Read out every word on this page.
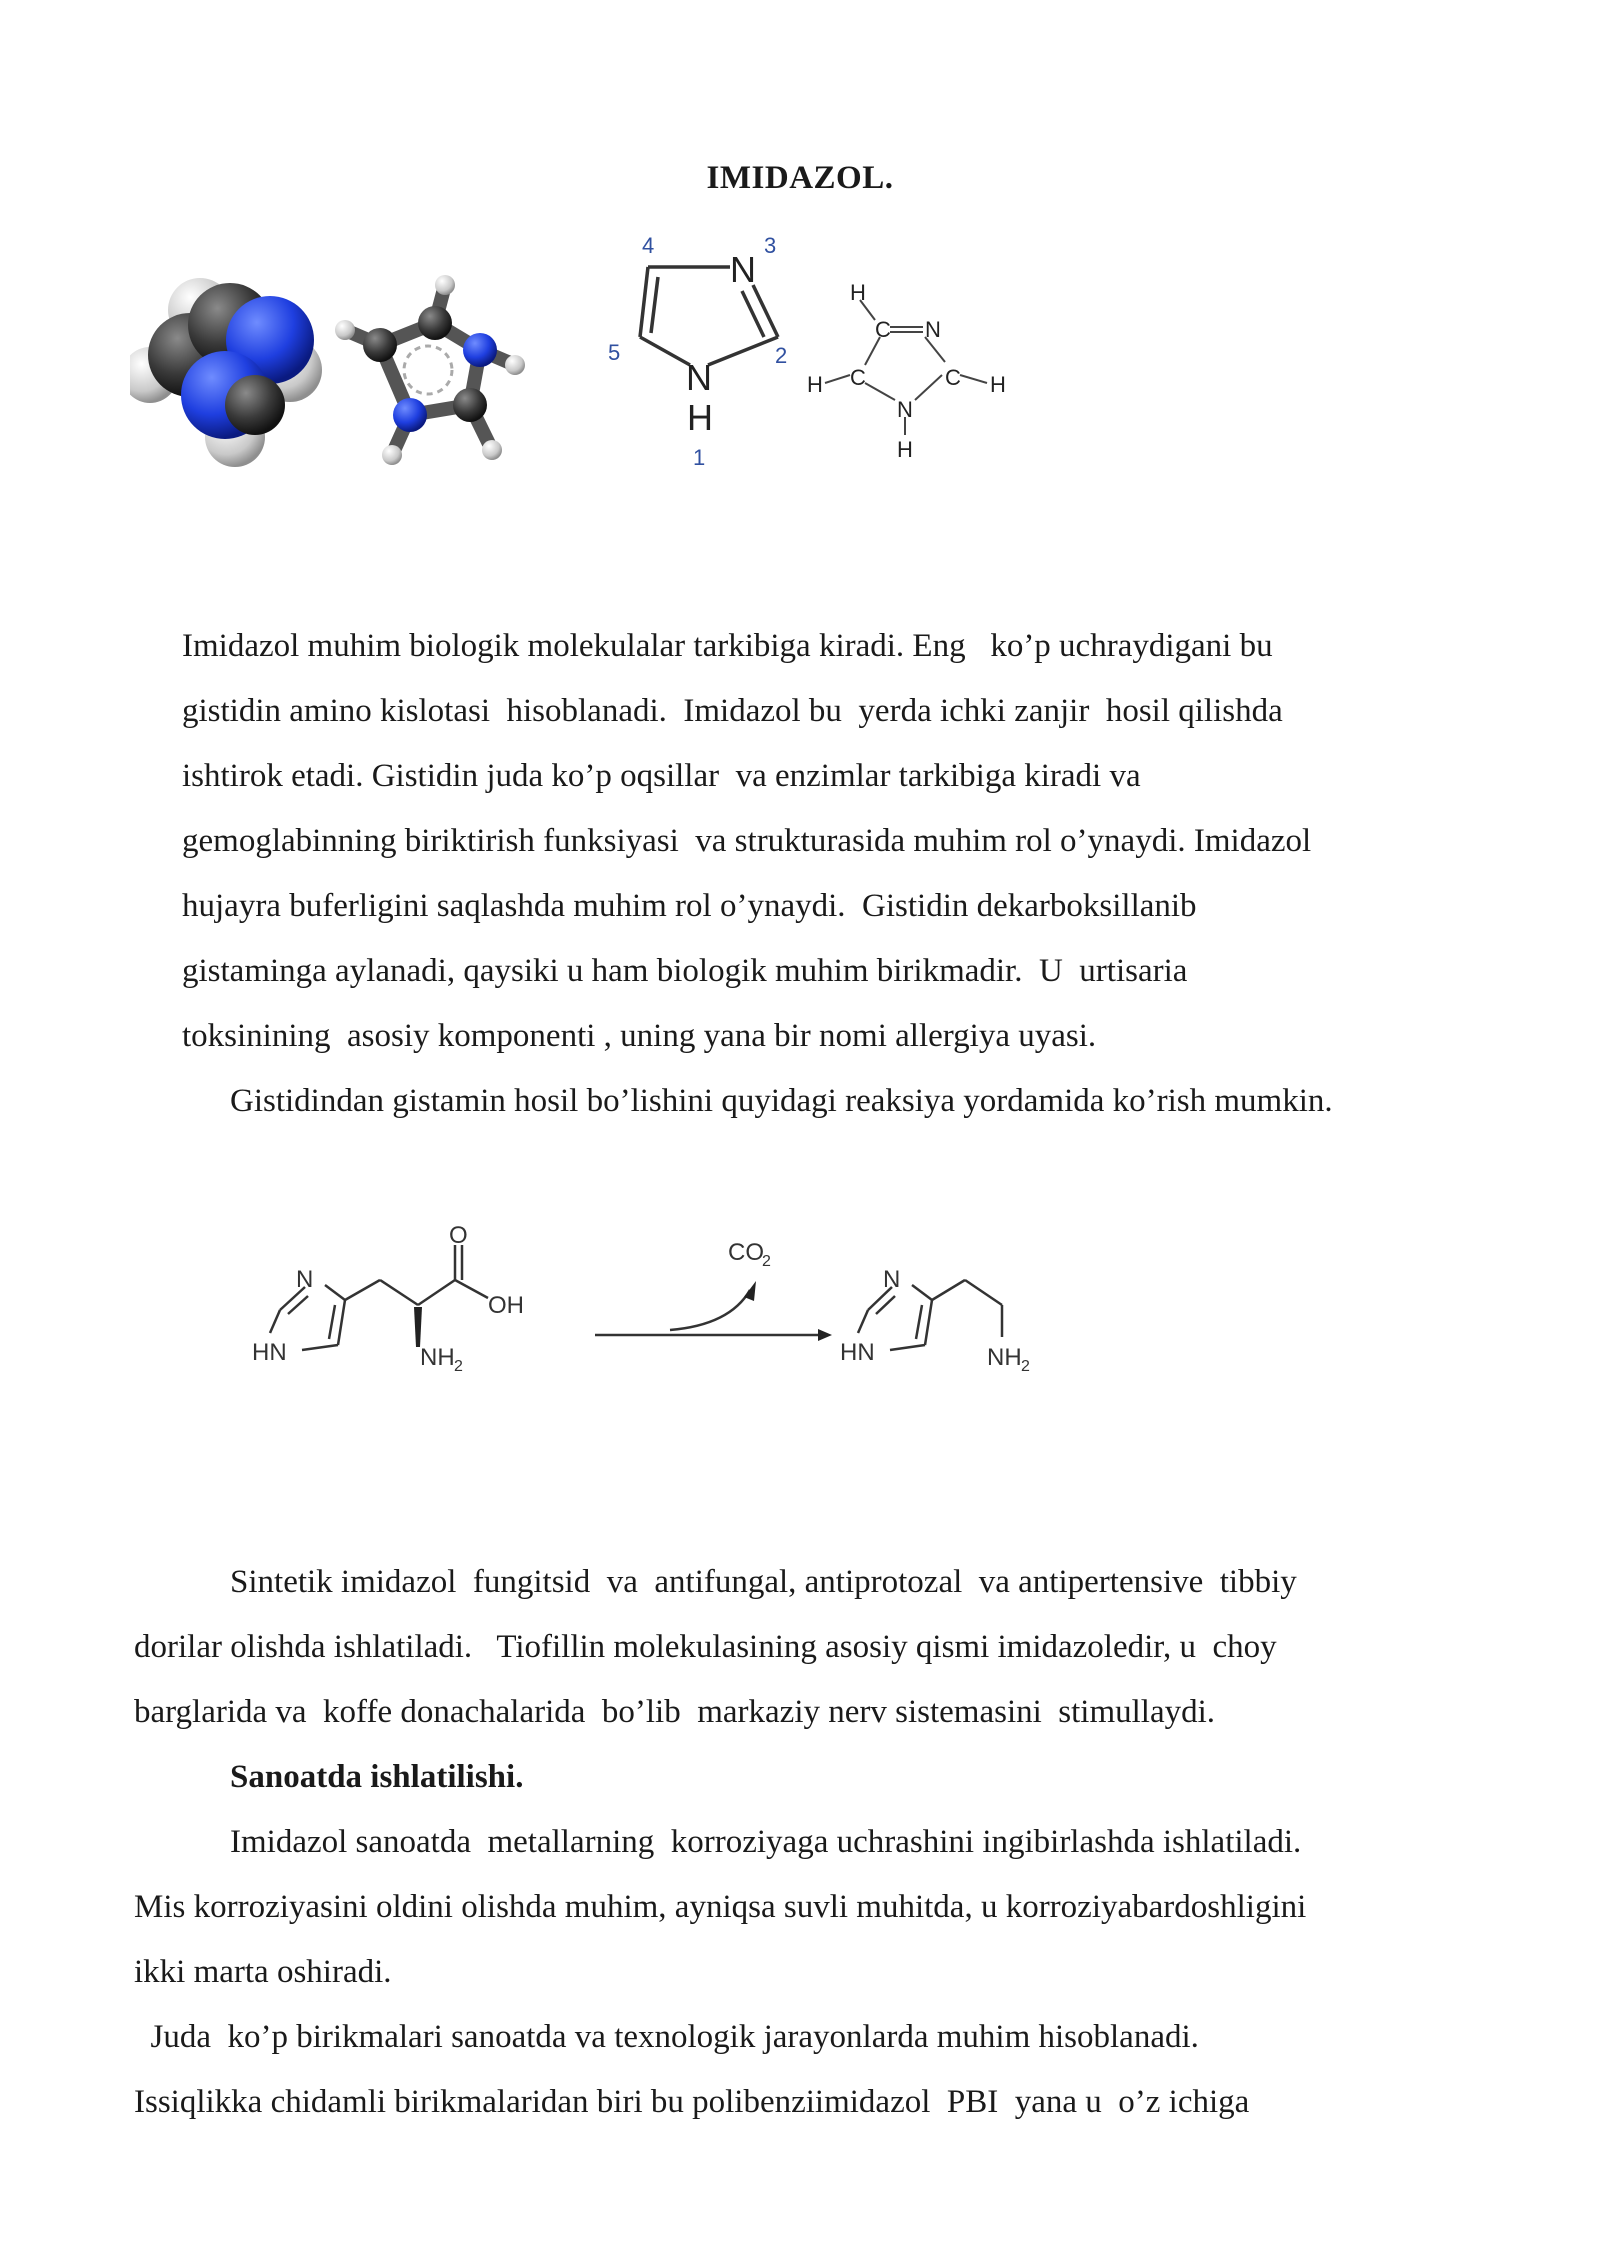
IMIDAZOL.
N
N
H
1
2
3
4
5
H
C N
H C	C H
N
H
Imidazol muhim biologik molekulalar tarkibiga kiradi. Eng   ko’p uchraydigani bu
gistidin amino kislotasi  hisoblanadi.  Imidazol bu  yerda ichki zanjir  hosil qilishda
ishtirok etadi. Gistidin juda ko’p oqsillar  va enzimlar tarkibiga kiradi va
gemoglabinning biriktirish funksiyasi  va strukturasida muhim rol o’ynaydi. Imidazol
hujayra buferligini saqlashda muhim rol o’ynaydi.  Gistidin dekarboksillanib
gistaminga aylanadi, qaysiki u ham biologik muhim birikmadir.  U  urtisaria
toksinining  asosiy komponenti , uning yana bir nomi allergiya uyasi.
Gistidindan gistamin hosil bo’lishini quyidagi reaksiya yordamida ko’rish mumkin.
N
HN
O
OH
NH 2
CO
2
N
HN	NH 2
Sintetik imidazol  fungitsid  va  antifungal, antiprotozal  va antipertensive  tibbiy
dorilar olishda ishlatiladi.   Tiofillin molekulasining asosiy qismi imidazoledir, u  choy
barglarida va  koffe donachalarida  bo’lib  markaziy nerv sistemasini  stimullaydi.
Sanoatda ishlatilishi.
Imidazol sanoatda  metallarning  korroziyaga uchrashini ingibirlashda ishlatiladi.
Mis korroziyasini oldini olishda muhim, ayniqsa suvli muhitda, u korroziyabardoshligini
ikki marta oshiradi.
Juda  ko’p birikmalari sanoatda va texnologik jarayonlarda muhim hisoblanadi.
Issiqlikka chidamli birikmalaridan biri bu polibenziimidazol  PBI  yana u  o’z ichiga
